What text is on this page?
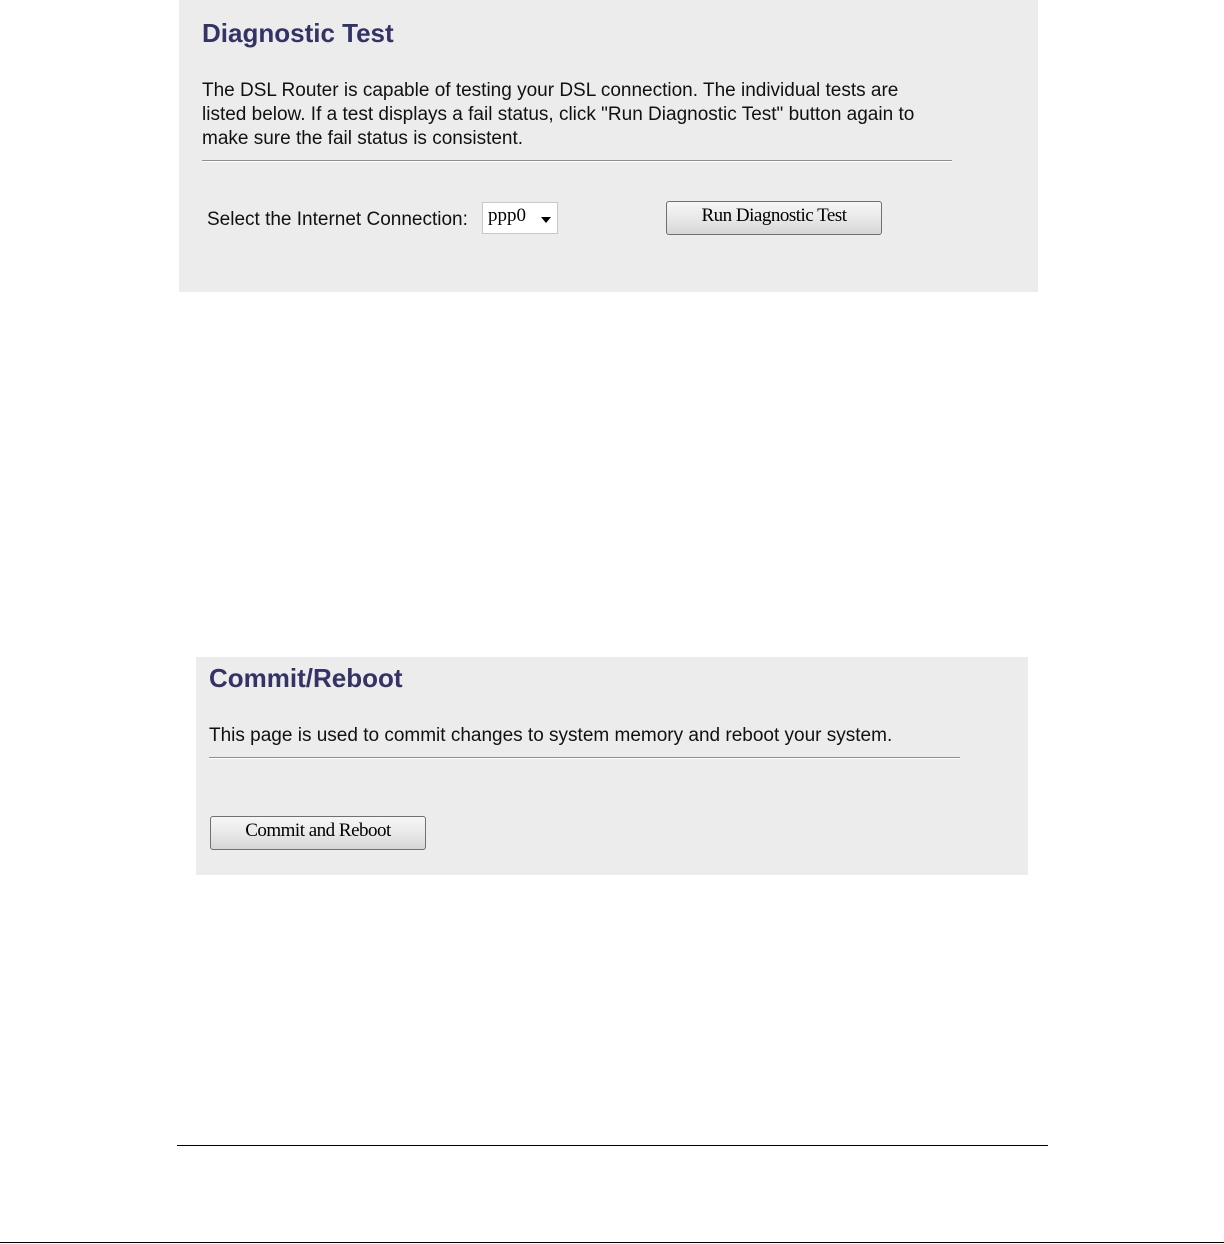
Diagnostic Test
The DSL Router is capable of testing your DSL connection. The individual tests are
listed below. If a test displays a fail status, click "Run Diagnostic Test" button again to
make sure the fail status is consistent.
Select the Internet Connection: ppp0	Run Diagnostic Test
Commit/Reboot
This page is used to commit changes to system memory and reboot your system.
Commit and Reboot
